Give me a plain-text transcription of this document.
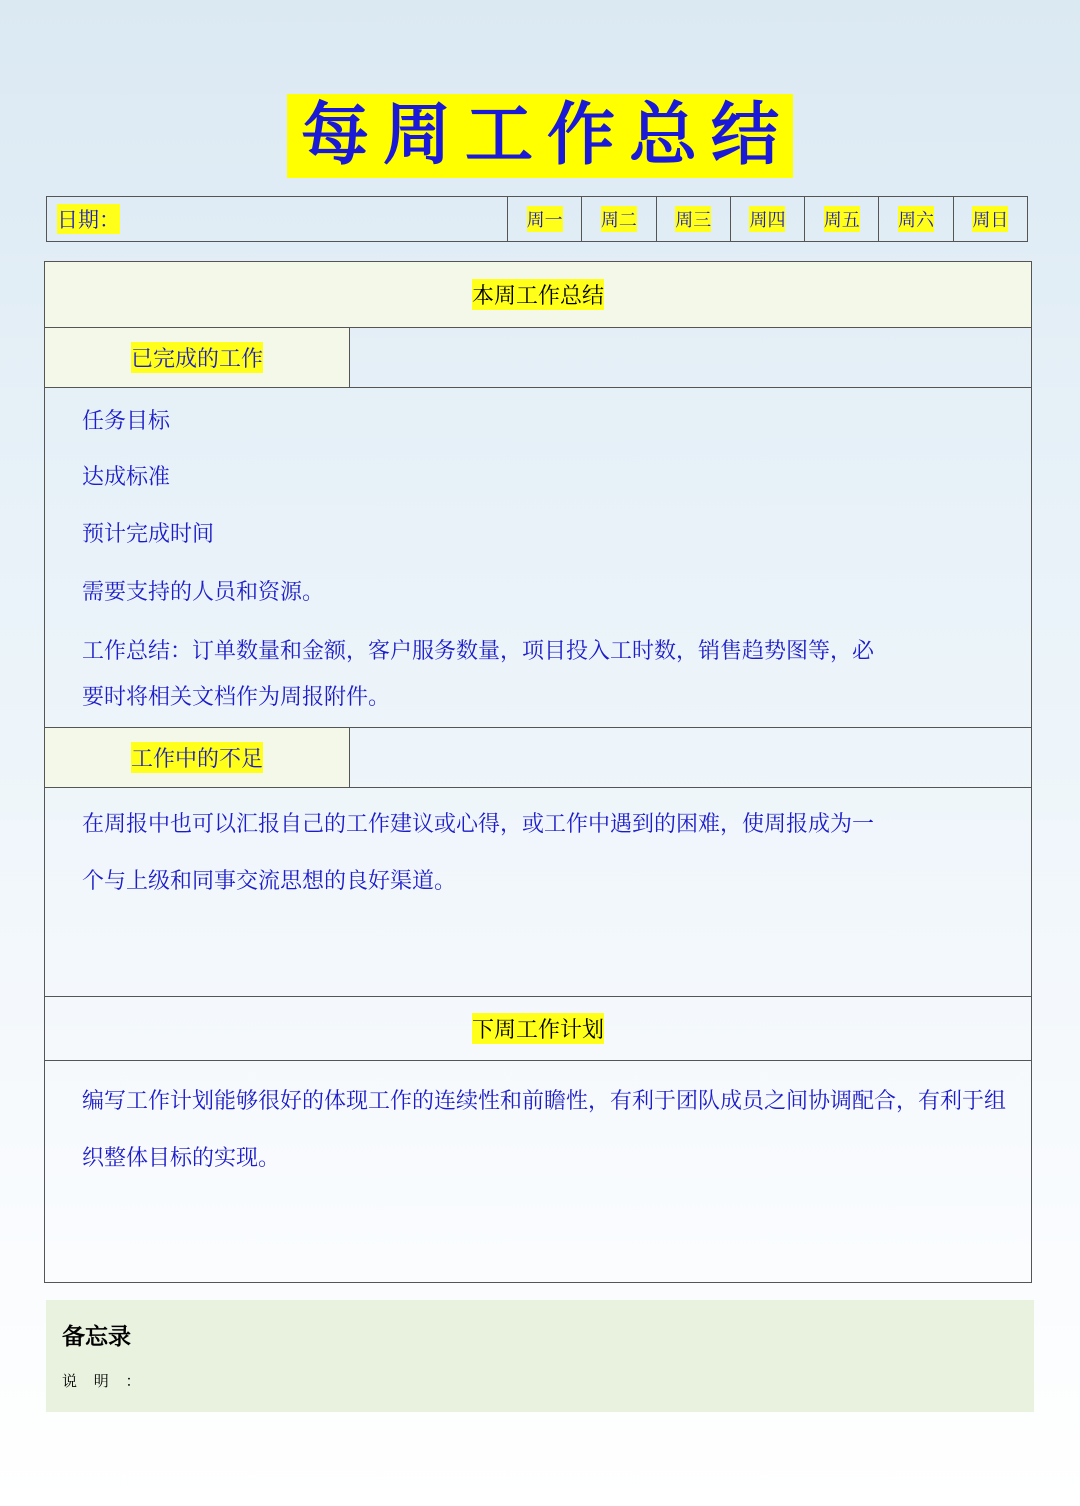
每周工作总结
日期：	周一 周二 周三 周四 周五 周六 周日
本周工作总结
已完成的工作

任务目标

达成标准

预计完成时间

需要支持的人员和资源。

工作总结：订单数量和金额，客户服务数量，项目投入工时数，销售趋势图等，必

要时将相关文档作为周报附件。

工作中的不足

在周报中也可以汇报自己的工作建议或心得，或工作中遇到的困难，使周报成为一

个与上级和同事交流思想的良好渠道。

下周工作计划

编写工作计划能够很好的体现工作的连续性和前瞻性，有利于团队成员之间协调配合，有利于组

织整体目标的实现。

备忘录
说 明 ：
